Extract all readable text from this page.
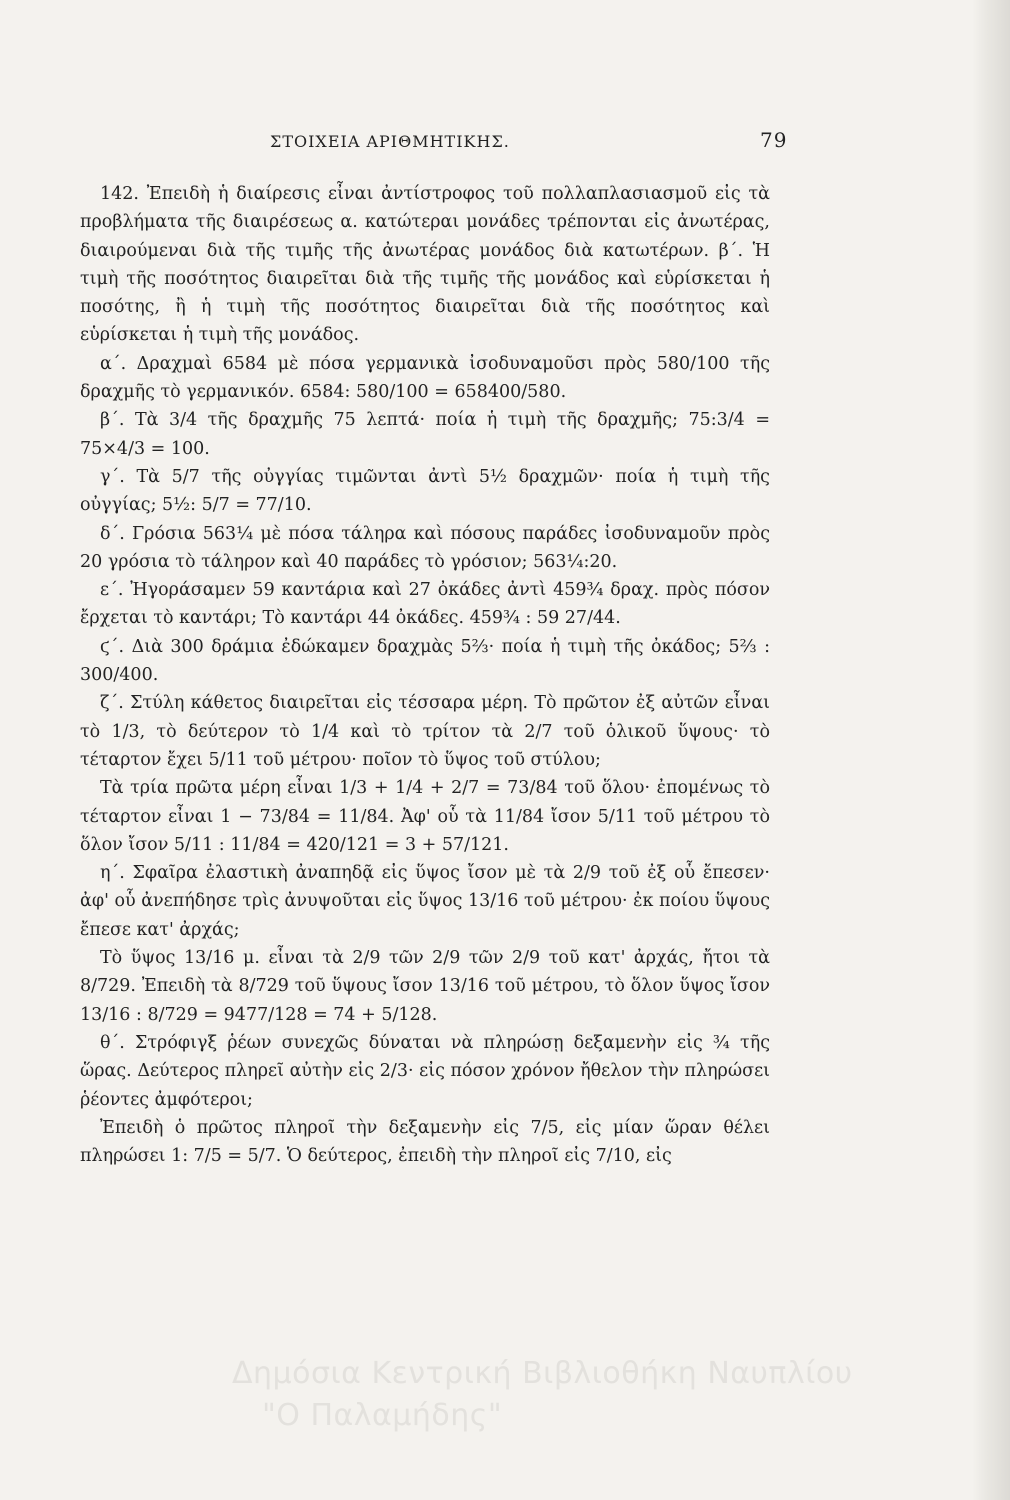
ΣΤΟΙΧΕΙΑ ΑΡΙΘΜΗΤΙΚΗΣ.	79

142. Ἐπειδὴ ἡ διαίρεσις εἶναι ἀντίστροφος τοῦ πολλαπλασιασμοῦ εἰς τὰ προβλήματα τῆς διαιρέσεως α. κατώτεραι μονάδες τρέπονται εἰς ἀνωτέρας, διαιρούμεναι διὰ τῆς τιμῆς τῆς ἀνωτέρας μονάδος διὰ κατωτέρων. β΄. Ἡ τιμὴ τῆς ποσότητος διαιρεῖται διὰ τῆς τιμῆς τῆς μονάδος καὶ εὑρίσκεται ἡ ποσότης, ἢ ἡ τιμὴ τῆς ποσότητος διαιρεῖται διὰ τῆς ποσότητος καὶ εὑρίσκεται ἡ τιμὴ τῆς μονάδος.

α΄. Δραχμαὶ 6584 μὲ πόσα γερμανικὰ ἰσοδυναμοῦσι πρὸς 580/100 τῆς δραχμῆς τὸ γερμανικόν. 6584: 580/100 = 658400/580.

β΄. Τὰ 3/4 τῆς δραχμῆς 75 λεπτά· ποία ἡ τιμὴ τῆς δραχμῆς; 75:3/4 = 75×4/3 = 100.

γ΄. Τὰ 5/7 τῆς οὐγγίας τιμῶνται ἀντὶ 5½ δραχμῶν· ποία ἡ τιμὴ τῆς οὐγγίας; 5½: 5/7 = 77/10.

δ΄. Γρόσια 563¼ μὲ πόσα τάληρα καὶ πόσους παράδες ἰσοδυναμοῦν πρὸς 20 γρόσια τὸ τάληρον καὶ 40 παράδες τὸ γρόσιον; 563¼:20.

ε΄. Ἠγοράσαμεν 59 καντάρια καὶ 27 ὀκάδες ἀντὶ 459¾ δραχ. πρὸς πόσον ἔρχεται τὸ καντάρι; Τὸ καντάρι 44 ὀκάδες. 459¾ : 59 27/44.

ϛ΄. Διὰ 300 δράμια ἐδώκαμεν δραχμὰς 5⅔· ποία ἡ τιμὴ τῆς ὀκάδος; 5⅔ : 300/400.

ζ΄. Στύλη κάθετος διαιρεῖται εἰς τέσσαρα μέρη. Τὸ πρῶτον ἐξ αὐτῶν εἶναι τὸ 1/3, τὸ δεύτερον τὸ 1/4 καὶ τὸ τρίτον τὰ 2/7 τοῦ ὁλικοῦ ὕψους· τὸ τέταρτον ἔχει 5/11 τοῦ μέτρου· ποῖον τὸ ὕψος τοῦ στύλου;

Τὰ τρία πρῶτα μέρη εἶναι 1/3 + 1/4 + 2/7 = 73/84 τοῦ ὅλου· ἐπομένως τὸ τέταρτον εἶναι 1 − 73/84 = 11/84. Ἀφ' οὗ τὰ 11/84 ἴσον 5/11 τοῦ μέτρου τὸ ὅλον ἴσον 5/11 : 11/84 = 420/121 = 3 + 57/121.

η΄. Σφαῖρα ἐλαστικὴ ἀναπηδᾷ εἰς ὕψος ἴσον μὲ τὰ 2/9 τοῦ ἐξ οὗ ἔπεσεν· ἀφ' οὗ ἀνεπήδησε τρὶς ἀνυψοῦται εἰς ὕψος 13/16 τοῦ μέτρου· ἐκ ποίου ὕψους ἔπεσε κατ' ἀρχάς;

Τὸ ὕψος 13/16 μ. εἶναι τὰ 2/9 τῶν 2/9 τῶν 2/9 τοῦ κατ' ἀρχάς, ἤτοι τὰ 8/729. Ἐπειδὴ τὰ 8/729 τοῦ ὕψους ἴσον 13/16 τοῦ μέτρου, τὸ ὅλον ὕψος ἴσον 13/16 : 8/729 = 9477/128 = 74 + 5/128.

θ΄. Στρόφιγξ ῥέων συνεχῶς δύναται νὰ πληρώσῃ δεξαμενὴν εἰς ¾ τῆς ὥρας. Δεύτερος πληρεῖ αὐτὴν εἰς 2/3· εἰς πόσον χρόνον ἤθελον τὴν πληρώσει ῥέοντες ἀμφότεροι;

Ἐπειδὴ ὁ πρῶτος πληροῖ τὴν δεξαμενὴν εἰς 7/5, εἰς μίαν ὥραν θέλει πληρώσει 1: 7/5 = 5/7. Ὁ δεύτερος, ἐπειδὴ τὴν πληροῖ εἰς 7/10, εἰς

Δημόσια Κεντρική Βιβλιοθήκη Ναυπλίου
"Ο Παλαμήδης"
